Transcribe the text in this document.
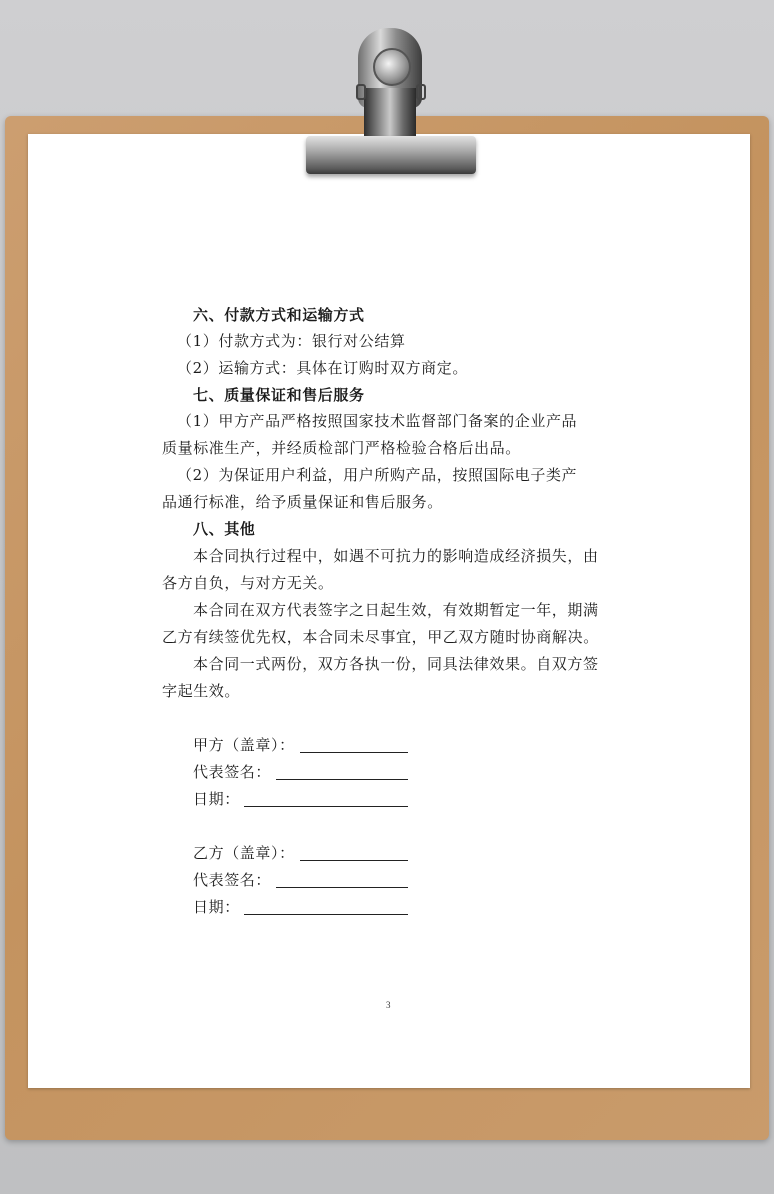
六、付款方式和运输方式
（1）付款方式为：银行对公结算
（2）运输方式：具体在订购时双方商定。
七、质量保证和售后服务
（1）甲方产品严格按照国家技术监督部门备案的企业产品
质量标准生产，并经质检部门严格检验合格后出品。
（2）为保证用户利益，用户所购产品，按照国际电子类产
品通行标准，给予质量保证和售后服务。
八、其他
本合同执行过程中，如遇不可抗力的影响造成经济损失，由
各方自负，与对方无关。
本合同在双方代表签字之日起生效，有效期暂定一年，期满
乙方有续签优先权，本合同未尽事宜，甲乙双方随时协商解决。
本合同一式两份，双方各执一份，同具法律效果。自双方签
字起生效。
甲方（盖章）：
代表签名：
日期：
乙方（盖章）：
代表签名：
日期：
3
